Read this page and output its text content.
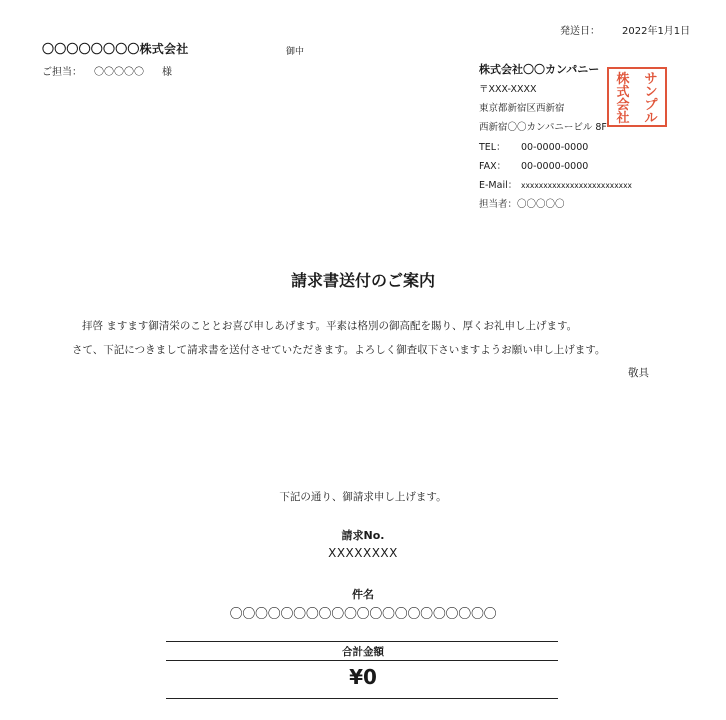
発送日： 2022年1月1日
〇〇〇〇〇〇〇〇株式会社	御中
ご担当： 〇〇〇〇〇 様	株式会社〇〇カンパニー
〒XXX-XXXX
東京都新宿区西新宿
西新宿〇〇カンパニービル 8F
TEL： 00-0000-0000
FAX： 00-0000-0000
E-Mail： xxxxxxxxxxxxxxxxxxxxxxxxx
担当者：〇〇〇〇〇
サ
ン
プ
ル
株
式
会
社
請求書送付のご案内
拝啓 ますます御清栄のこととお喜び申しあげます。平素は格別の御高配を賜り、厚くお礼申し上げます。
さて、下記につきまして請求書を送付させていただきます。よろしく御査収下さいますようお願い申し上げます。
敬具
下記の通り、御請求申し上げます。
請求No.
XXXXXXXX
件名
〇〇〇〇〇〇〇〇〇〇〇〇〇〇〇〇〇〇〇〇〇
合計金額
¥0
